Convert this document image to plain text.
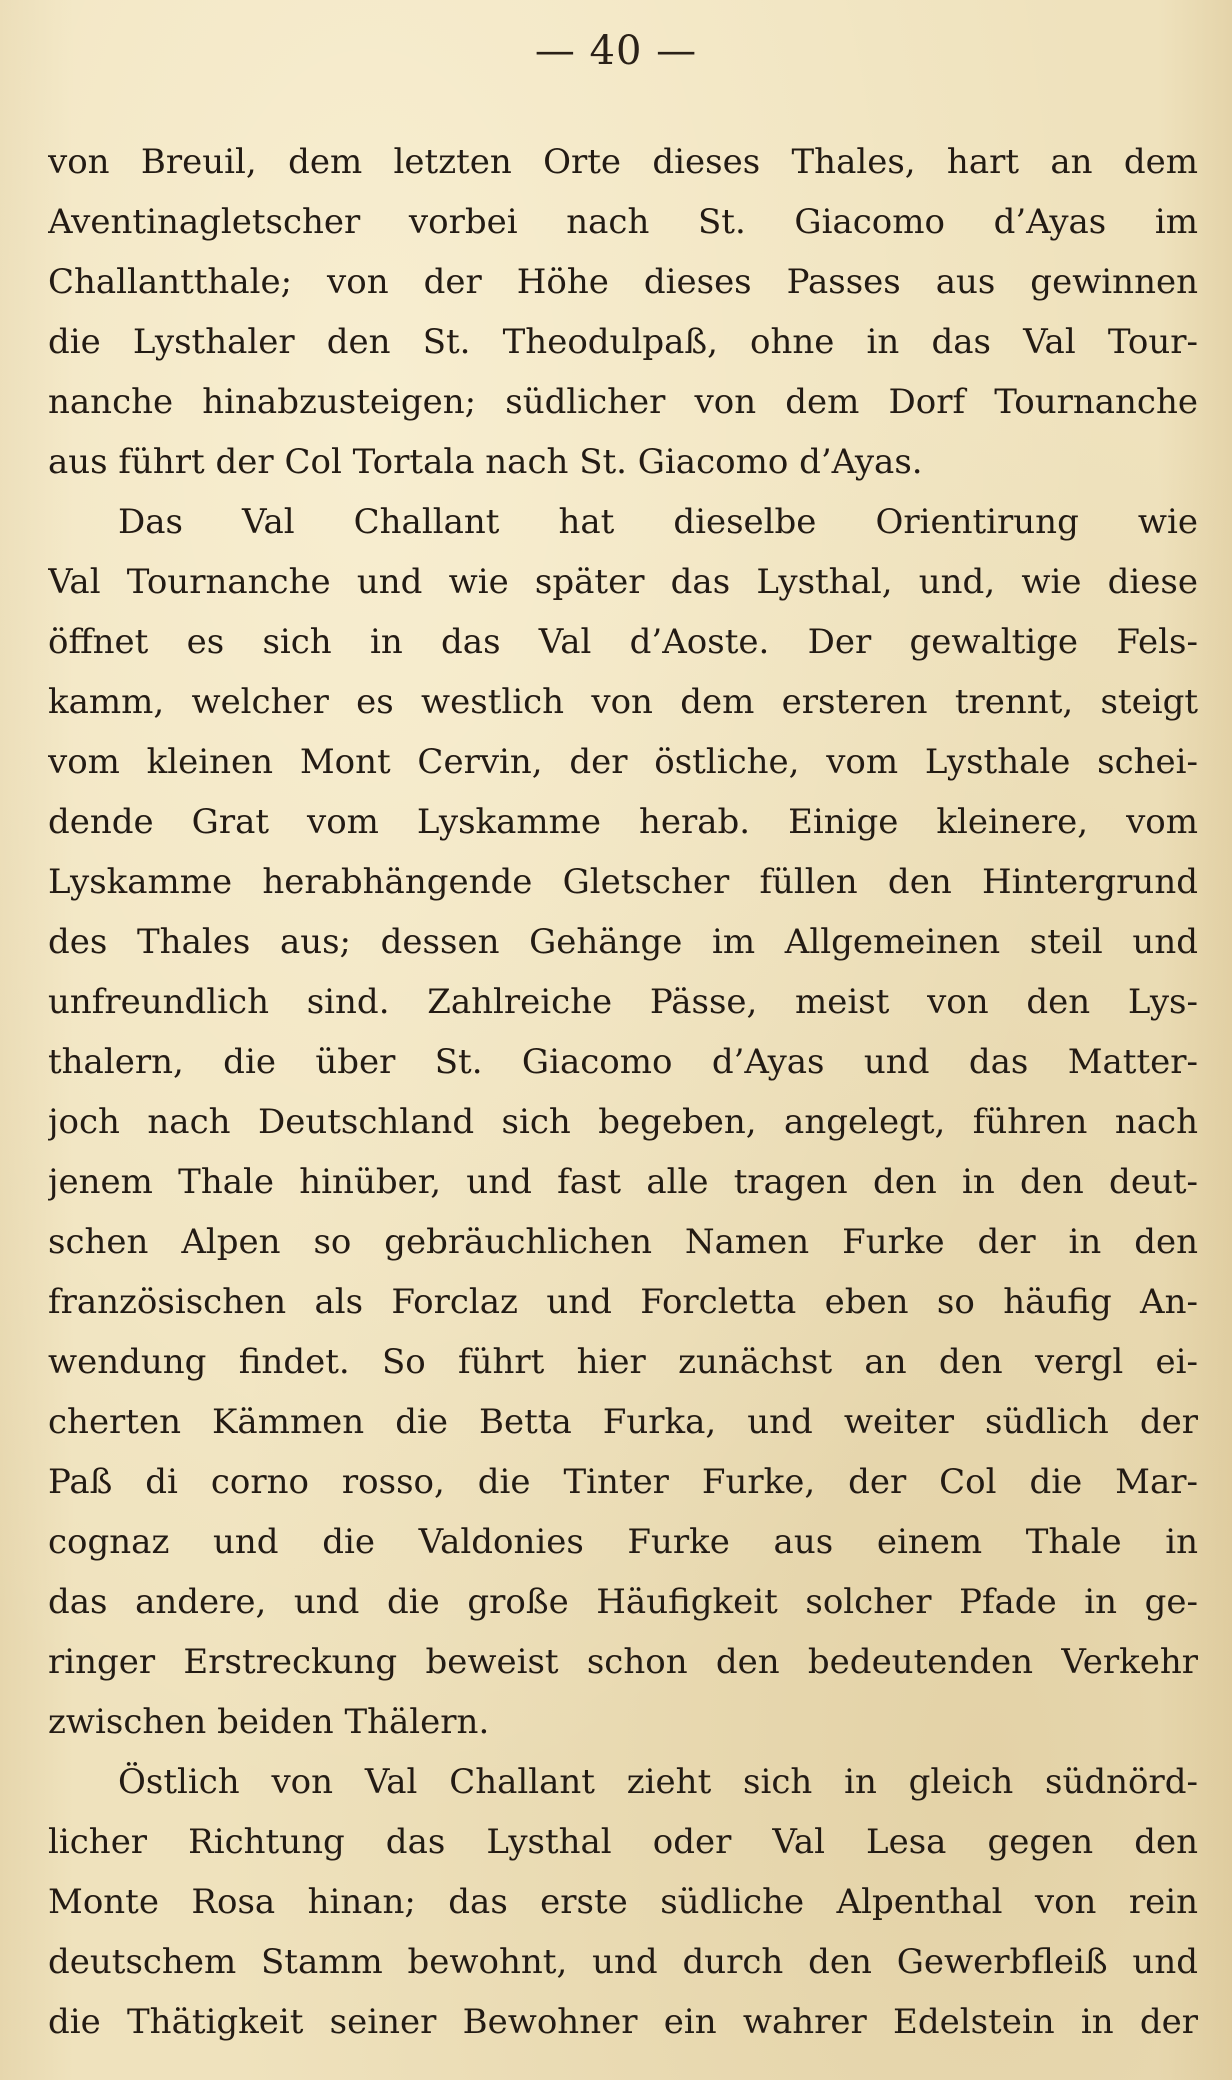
— 40 —
von Breuil, dem letzten Orte dieses Thales, hart an dem
Aventinagletscher vorbei nach St. Giacomo d’Ayas im
Challantthale; von der Höhe dieses Passes aus gewinnen
die Lysthaler den St. Theodulpaß, ohne in das Val Tour-
nanche hinabzusteigen; südlicher von dem Dorf Tournanche
aus führt der Col Tortala nach St. Giacomo d’Ayas.
Das Val Challant hat dieselbe Orientirung wie
Val Tournanche und wie später das Lysthal, und, wie diese
öffnet es sich in das Val d’Aoste. Der gewaltige Fels-
kamm, welcher es westlich von dem ersteren trennt, steigt
vom kleinen Mont Cervin, der östliche, vom Lysthale schei-
dende Grat vom Lyskamme herab. Einige kleinere, vom
Lyskamme herabhängende Gletscher füllen den Hintergrund
des Thales aus; dessen Gehänge im Allgemeinen steil und
unfreundlich sind. Zahlreiche Pässe, meist von den Lys-
thalern, die über St. Giacomo d’Ayas und das Matter-
joch nach Deutschland sich begeben, angelegt, führen nach
jenem Thale hinüber, und fast alle tragen den in den deut-
schen Alpen so gebräuchlichen Namen Furke der in den
französischen als Forclaz und Forcletta eben so häufig An-
wendung findet. So führt hier zunächst an den vergl ei-
cherten Kämmen die Betta Furka, und weiter südlich der
Paß di corno rosso, die Tinter Furke, der Col die Mar-
cognaz und die Valdonies Furke aus einem Thale in
das andere, und die große Häufigkeit solcher Pfade in ge-
ringer Erstreckung beweist schon den bedeutenden Verkehr
zwischen beiden Thälern.
Östlich von Val Challant zieht sich in gleich südnörd-
licher Richtung das Lysthal oder Val Lesa gegen den
Monte Rosa hinan; das erste südliche Alpenthal von rein
deutschem Stamm bewohnt, und durch den Gewerbfleiß und
die Thätigkeit seiner Bewohner ein wahrer Edelstein in der
